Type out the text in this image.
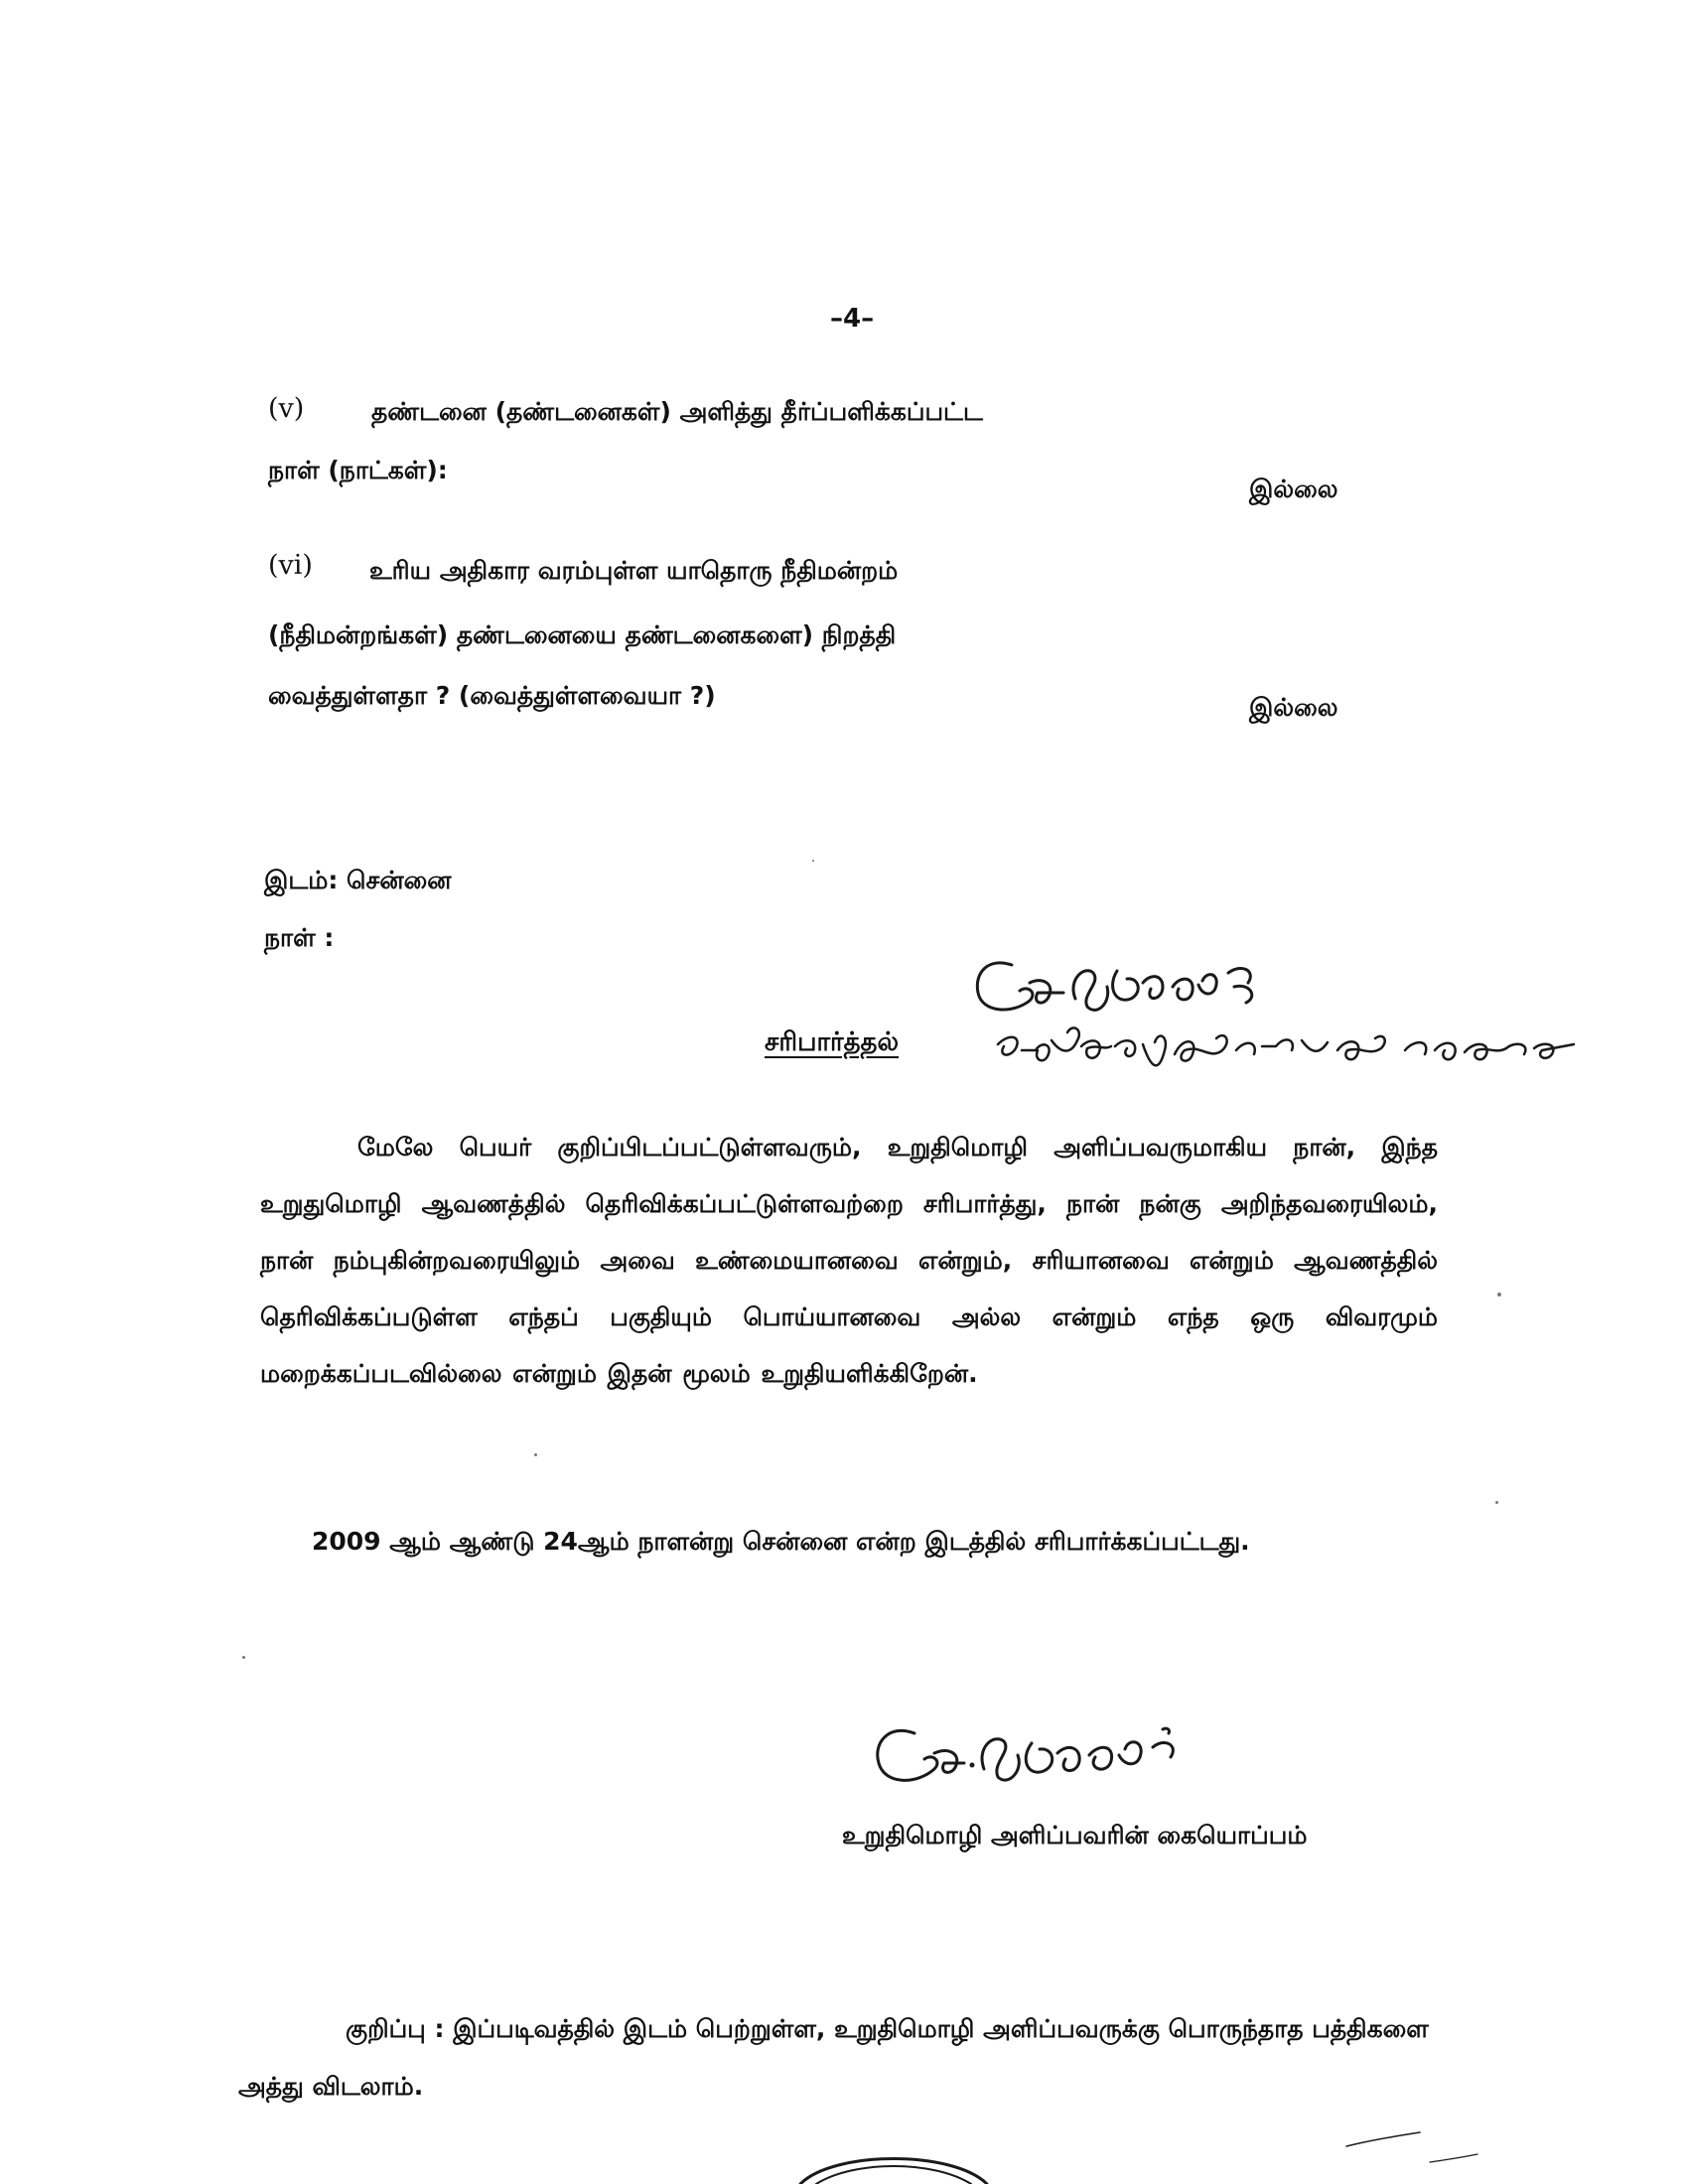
–4–
(v)	தண்டனை (தண்டனைகள்) அளித்து தீர்ப்பளிக்கப்பட்ட
நாள் (நாட்கள்):
இல்லை
(vi) உரிய அதிகார வரம்புள்ள யாதொரு நீதிமன்றம்
(நீதிமன்றங்கள்) தண்டனையை தண்டனைகளை) நிறத்தி
வைத்துள்ளதா ? (வைத்துள்ளவையா ?)	இல்லை
இடம்: சென்னை
நாள் :
சரிபார்த்தல்
மேலே பெயர் குறிப்பிடப்பட்டுள்ளவரும், உறுதிமொழி அளிப்பவருமாகிய நான், இந்த உறுதுமொழி ஆவணத்தில் தெரிவிக்கப்பட்டுள்ளவற்றை சரிபார்த்து, நான் நன்கு அறிந்தவரையிலம், நான் நம்புகின்றவரையிலும் அவை உண்மையானவை என்றும், சரியானவை என்றும் ஆவணத்தில் தெரிவிக்கப்படுள்ள எந்தப் பகுதியும் பொய்யானவை அல்ல என்றும் எந்த ஒரு விவரமும் மறைக்கப்படவில்லை என்றும் இதன் மூலம் உறுதியளிக்கிறேன்.
2009 ஆம் ஆண்டு 24ஆம் நாளன்று சென்னை என்ற இடத்தில் சரிபார்க்கப்பட்டது.
உறுதிமொழி அளிப்பவரின் கையொப்பம்
குறிப்பு : இப்படிவத்தில் இடம் பெற்றுள்ள, உறுதிமொழி அளிப்பவருக்கு பொருந்தாத பத்திகளை அத்து விடலாம்.
